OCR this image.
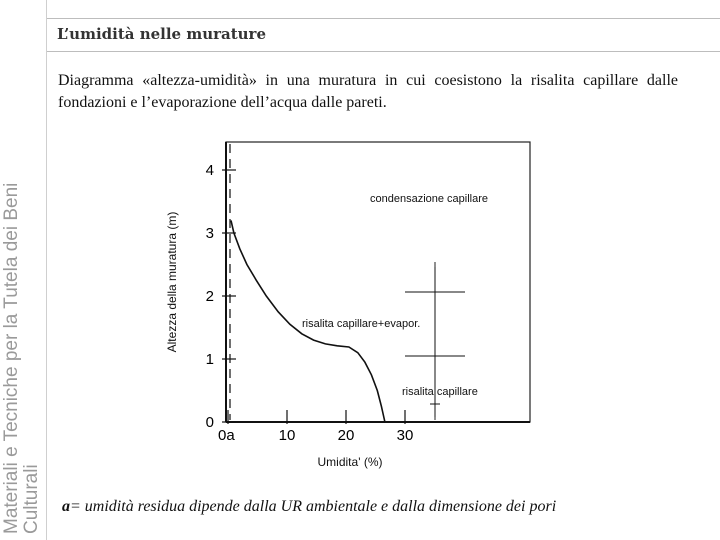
Materiali e Tecniche per la Tutela dei Beni Culturali
L’umidità nelle murature
Diagramma «altezza-umidità» in una muratura in cui coesistono la risalita capillare dalle fondazioni e l’evaporazione dell’acqua dalle pareti.
0
1
2
3
4
0a	10	20	30
Altezza della muratura (m)
Umidita' (%)
condensazione capillare
risalita capillare+evapor.
risalita capillare
a= umidità residua dipende dalla UR ambientale e dalla dimensione dei pori
